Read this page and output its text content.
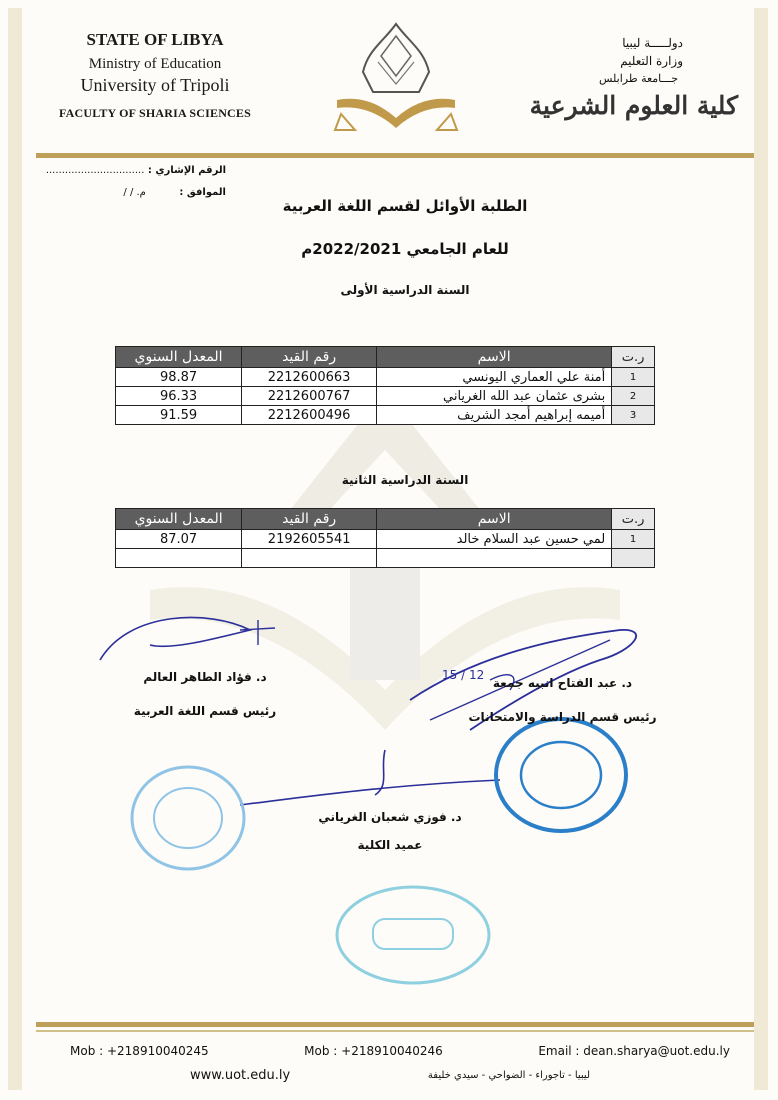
STATE OF LIBYA
Ministry of Education
University of Tripoli
FACULTY OF SHARIA SCIENCES
دولـــــة ليبيا
وزارة التعليم
جـــامعة طرابلس
كلية العلوم الشرعية
الرقم الإشاري : ...............................
الموافق : م. / /
الطلبة الأوائل لقسم اللغة العربية
للعام الجامعي 2022/2021م
السنة الدراسية الأولى
ر.ت	الاسم	رقم القيد	المعدل السنوي
1	أمنة علي العماري اليونسي	2212600663	98.87
2	بشرى عثمان عبد الله الغرياني	2212600767	96.33
3	أميمه إبراهيم أمجد الشريف	2212600496	91.59
السنة الدراسية الثانية
ر.ت	الاسم	رقم القيد	المعدل السنوي
1	لمي حسين عبد السلام خالد	2192605541	87.07

15 / 12
د. فؤاد الطاهر العالم
رئيس قسم اللغة العربية
د. عبد الفتاح انبيه جمعة
رئيس قسم الدراسة والامتحانات
د. فوزي شعبان الغرياني
عميد الكلية
Mob : +218910040245	Mob : +218910040246	Email : dean.sharya@uot.edu.ly
www.uot.edu.ly	ليبيا - تاجوراء - الضواحي - سيدي خليفة
